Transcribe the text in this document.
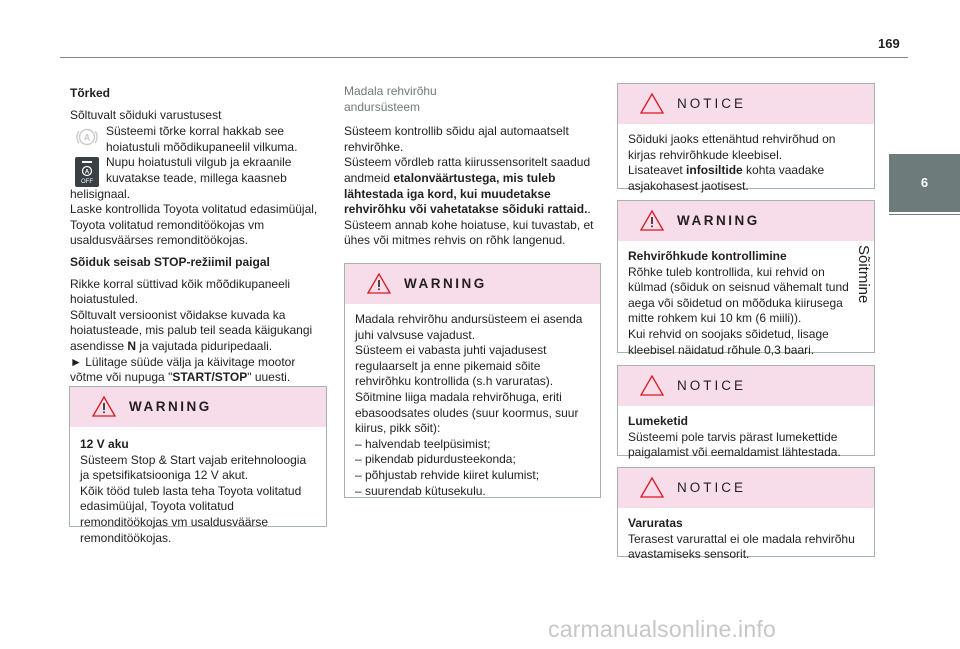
169
6
Sõitmine

Tõrked

Sõltuvalt sõiduki varustusest

Süsteemi tõrke korral hakkab see

hoiatustuli mõõdikupaneelil vilkuma.

Nupu hoiatustuli vilgub ja ekraanile

kuvatakse teade, millega kaasneb

helisignaal.

Laske kontrollida Toyota volitatud edasimüüjal, Toyota volitatud remonditöökojas vm usaldusväärses remonditöökojas.

Sõiduk seisab STOP-režiimil paigal

Rikke korral süttivad kõik mõõdikupaneeli hoiatustuled.

Sõltuvalt versioonist võidakse kuvada ka hoiatusteade, mis palub teil seada käigukangi asendisse N ja vajutada piduripedaali.

► Lülitage süüde välja ja käivitage mootor võtme või nupuga "START/STOP" uuesti.

A
A
OFF
WARNING

12 V aku

Süsteem Stop & Start vajab eritehnoloogia ja spetsifikatsiooniga 12 V akut.

Kõik tööd tuleb lasta teha Toyota volitatud edasimüüjal, Toyota volitatud remonditöökojas vm usaldusväärse remonditöökojas.

Madala rehvirõhu

andursüsteem

Süsteem kontrollib sõidu ajal automaatselt rehvirõhke.

Süsteem võrdleb ratta kiirussensoritelt saadud andmeid etalonväärtustega, mis tuleb lähtestada iga kord, kui muudetakse rehvirõhku või vahetatakse sõiduki rattaid..

Süsteem annab kohe hoiatuse, kui tuvastab, et ühes või mitmes rehvis on rõhk langenud.

WARNING

Madala rehvirõhu andursüsteem ei asenda juhi valvsuse vajadust.

Süsteem ei vabasta juhti vajadusest regulaarselt ja enne pikemaid sõite rehvirõhku kontrollida (s.h varuratas).

Sõitmine liiga madala rehvirõhuga, eriti ebasoodsates oludes (suur koormus, suur kiirus, pikk sõit):

– halvendab teelpüsimist;

– pikendab pidurdusteekonda;

– põhjustab rehvide kiiret kulumist;

– suurendab kütusekulu.

NOTICE

Sõiduki jaoks ettenähtud rehvirõhud on kirjas rehvirõhkude kleebisel.

Lisateavet infosiltide kohta vaadake asjakohasest jaotisest.

WARNING

Rehvirõhkude kontrollimine

Rõhke tuleb kontrollida, kui rehvid on külmad (sõiduk on seisnud vähemalt tund aega või sõidetud on mõõduka kiirusega mitte rohkem kui 10 km (6 miili)).

Kui rehvid on soojaks sõidetud, lisage kleebisel näidatud rõhule 0,3 baari.

NOTICE

Lumeketid

Süsteemi pole tarvis pärast lumekettide paigalamist või eemaldamist lähtestada.

NOTICE

Varuratas

Terasest varurattal ei ole madala rehvirõhu avastamiseks sensorit.

carmanualsonline.info
